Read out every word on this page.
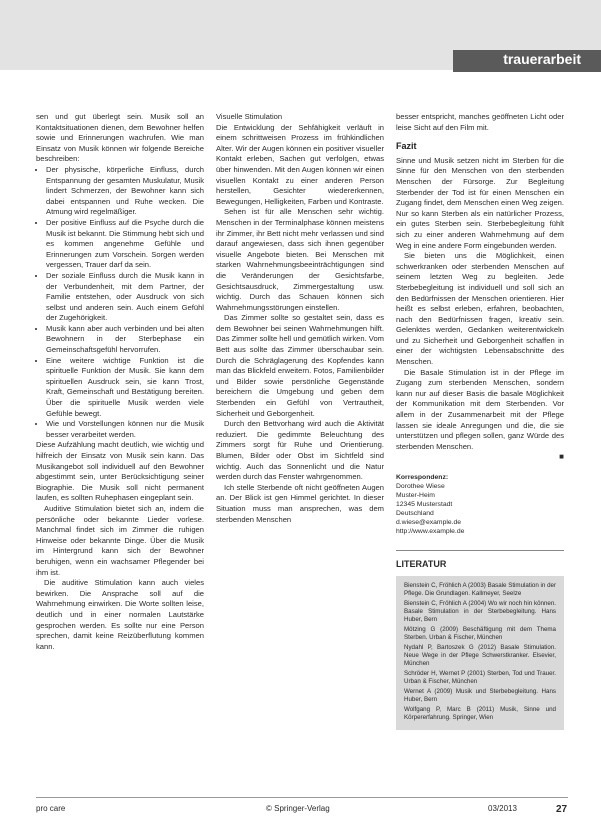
trauerarbeit

sen und gut überlegt sein. Musik soll an Kontaktsituationen dienen, dem Bewohner helfen sowie und Erinnerungen wachrufen. Wie man Einsatz von Musik können wir folgende Bereiche beschreiben:

• Der physische, körperliche Einfluss, durch Entspannung der gesamten Muskulatur, Musik lindert Schmerzen, der Bewohner kann sich dabei entspannen und Ruhe wecken. Die Atmung wird regelmäßiger.
• Der positive Einfluss auf die Psyche durch die Musik ist bekannt. Die Stimmung hebt sich und es kommen angenehme Gefühle und Erinnerungen zum Vorschein. Sorgen werden vergessen, Trauer darf da sein.
• Der soziale Einfluss durch die Musik kann in der Verbundenheit, mit dem Partner, der Familie entstehen, oder Ausdruck von sich selbst und anderen sein. Auch einem Gefühl der Zugehörigkeit.
• Musik kann aber auch verbinden und bei alten Bewohnern in der Sterbephase ein Gemeinschaftsgefühl hervorrufen.
• Eine weitere wichtige Funktion ist die spirituelle Funktion der Musik. Sie kann dem spirituellen Ausdruck sein, sie kann Trost, Kraft, Gemeinschaft und Bestätigung bereiten. Über die spirituelle Musik werden viele Gefühle bewegt.
• Wie und Vorstellungen können nur die Musik besser verarbeitet werden.

Diese Aufzählung macht deutlich, wie wichtig und hilfreich der Einsatz von Musik sein kann. Das Musikangebot soll individuell auf den Bewohner abgestimmt sein, unter Berücksichtigung seiner Biographie. Die Musik soll nicht permanent laufen, es sollten Ruhephasen eingeplant sein.

Auditive Stimulation bietet sich an, indem die persönliche oder bekannte Lieder vorlese. Manchmal findet sich im Zimmer die ruhigen Hinweise oder bekannte Dinge. Über die Musik im Hintergrund kann sich der Bewohner beruhigen, wenn ein wachsamer Pflegender bei ihm ist.

Die auditive Stimulation kann auch vieles bewirken. Die Ansprache soll auf die Wahrnehmung einwirken. Die Worte sollten leise, deutlich und in einer normalen Lautstärke gesprochen werden. Es sollte nur eine Person sprechen, damit keine Reizüberflutung kommen kann.

Visuelle Stimulation

Die Entwicklung der Sehfähigkeit verläuft in einem schrittweisen Prozess im frühkindlichen Alter. Wir der Augen können ein positiver visueller Kontakt erleben, Sachen gut verfolgen, etwas über hinwenden. Mit den Augen können wir einen visuellen Kontakt zu einer anderen Person herstellen, Gesichter wiedererkennen, Bewegungen, Helligkeiten, Farben und Kontraste.

Sehen ist für alle Menschen sehr wichtig. Menschen in der Terminalphase können meistens ihr Zimmer, ihr Bett nicht mehr verlassen und sind darauf angewiesen, dass sich ihnen gegenüber visuelle Angebote bieten. Bei Menschen mit starken Wahrnehmungsbeeinträchtigungen sind die Veränderungen der Gesichtsfarbe, Gesichtsausdruck, Zimmergestaltung usw. wichtig. Durch das Schauen können sich Wahrnehmungsstörungen einstellen.

Das Zimmer sollte so gestaltet sein, dass es dem Bewohner bei seinen Wahrnehmungen hilft. Das Zimmer sollte hell und gemütlich wirken. Vom Bett aus sollte das Zimmer überschaubar sein. Durch die Schräglagerung des Kopfendes kann man das Blickfeld erweitern. Fotos, Familienbilder und Bilder sowie persönliche Gegenstände bereichern die Umgebung und geben dem Sterbenden ein Gefühl von Vertrautheit, Sicherheit und Geborgenheit.

Durch den Bettvorhang wird auch die Aktivität reduziert. Die gedimmte Beleuchtung des Zimmers sorgt für Ruhe und Orientierung. Blumen, Bilder oder Obst im Sichtfeld sind wichtig. Auch das Sonnenlicht und die Natur werden durch das Fenster wahrgenommen.

Ich stelle Sterbende oft nicht geöffneten Augen an. Der Blick ist gen Himmel gerichtet. In dieser Situation muss man ansprechen, was dem sterbenden Menschen

besser entspricht, manches geöffneten Licht oder leise Sicht auf den Film mit.

Fazit

Sinne und Musik setzen nicht im Sterben für die Sinne für den Menschen von den sterbenden Menschen der Fürsorge. Zur Begleitung Sterbender der Tod ist für einen Menschen ein Zugang findet, dem Menschen einen Weg zeigen. Nur so kann Sterben als ein natürlicher Prozess, ein gutes Sterben sein. Sterbebegleitung fühlt sich zu einer anderen Wahrnehmung auf dem Weg in eine andere Form eingebunden werden.

Sie bieten uns die Möglichkeit, einen schwerkranken oder sterbenden Menschen auf seinem letzten Weg zu begleiten. Jede Sterbebegleitung ist individuell und soll sich an den Bedürfnissen der Menschen orientieren. Hier heißt es selbst erleben, erfahren, beobachten, nach den Bedürfnissen fragen, kreativ sein. Gelenktes werden, Gedanken weiterentwickeln und zu Sicherheit und Geborgenheit schaffen in einer der wichtigsten Lebensabschnitte des Menschen.

Die Basale Stimulation ist in der Pflege im Zugang zum sterbenden Menschen, sondern kann nur auf dieser Basis die basale Möglichkeit der Kommunikation mit dem Sterbenden. Vor allem in der Zusammenarbeit mit der Pflege lassen sie ideale Anregungen und die, die sie unterstützen und pflegen sollen, ganz Würde des sterbenden Menschen.

■
Korrespondenz:
Dorothee Wiese
Muster-Heim
12345 Musterstadt
Deutschland
d.wiese@example.de
http://www.example.de
LITERATUR

Bienstein C, Fröhlich A (2003) Basale Stimulation in der Pflege. Die Grundlagen. Kallmeyer, Seelze

Bienstein C, Fröhlich A (2004) Wo wir noch hin können. Basale Stimulation in der Sterbebegleitung. Hans Huber, Bern

Mötzing G (2009) Beschäftigung mit dem Thema Sterben. Urban & Fischer, München

Nydahl P, Bartoszek G (2012) Basale Stimulation. Neue Wege in der Pflege Schwerstkranker. Elsevier, München

Schröder H, Wernet P (2001) Sterben, Tod und Trauer. Urban & Fischer, München

Wernet A (2009) Musik und Sterbebegleitung. Hans Huber, Bern

Wolfgang P, Marc B (2011) Musik, Sinne und Körpererfahrung. Springer, Wien

pro care	© Springer-Verlag	03/2013	27
